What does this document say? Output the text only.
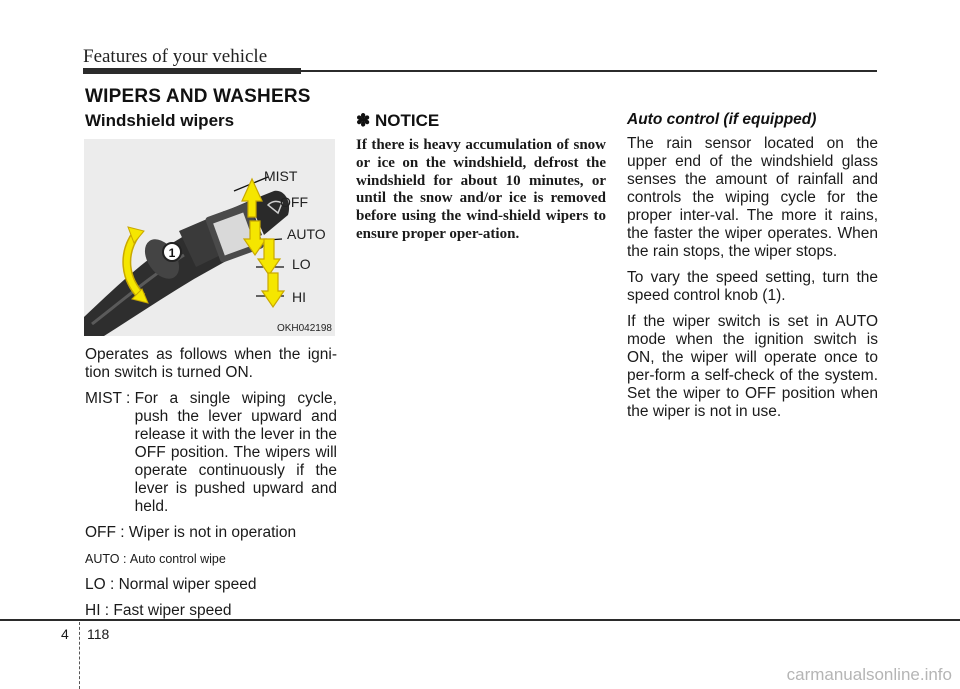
Features of your vehicle
WIPERS AND WASHERS
Windshield wipers
1
MIST
OFF
AUTO
LO
HI
OKH042198

Operates as follows when the igni-tion switch is turned ON.

MIST : For a single wiping cycle, push the lever upward and release it with the lever in the OFF position. The wipers will operate continuously if the lever is pushed upward and held.
OFF : Wiper is not in operation
AUTO : Auto control wipe
LO : Normal wiper speed
HI : Fast wiper speed
✽ NOTICE

If there is heavy accumulation of snow or ice on the windshield, defrost the windshield for about 10 minutes, or until the snow and/or ice is removed before using the wind-shield wipers to ensure proper oper-ation.

Auto control (if equipped)

The rain sensor located on the upper end of the windshield glass senses the amount of rainfall and controls the wiping cycle for the proper inter-val. The more it rains, the faster the wiper operates. When the rain stops, the wiper stops.

To vary the speed setting, turn the speed control knob (1).

If the wiper switch is set in AUTO mode when the ignition switch is ON, the wiper will operate once to per-form a self-check of the system. Set the wiper to OFF position when the wiper is not in use.

4 118
carmanualsonline.info
